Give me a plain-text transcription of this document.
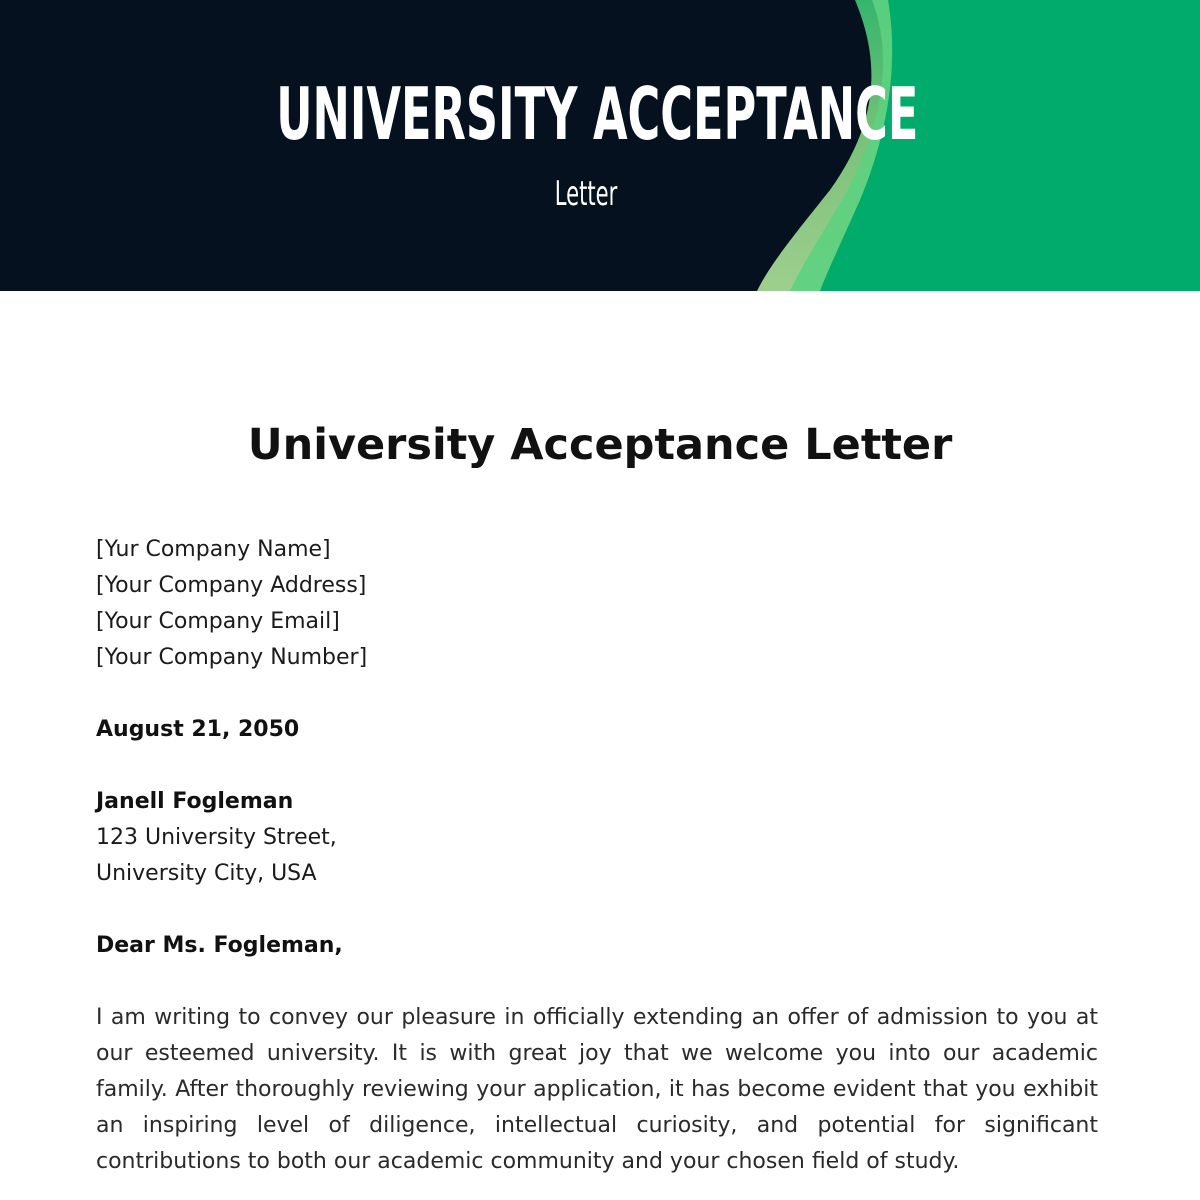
UNIVERSITY ACCEPTANCE
Letter
University Acceptance Letter

[Yur Company Name]

[Your Company Address]

[Your Company Email]

[Your Company Number]

August 21, 2050

Janell Fogleman

123 University Street,

University City, USA

Dear Ms. Fogleman,

I am writing to convey our pleasure in officially extending an offer of admission to you at our esteemed university. It is with great joy that we welcome you into our academic family. After thoroughly reviewing your application, it has become evident that you exhibit an inspiring level of diligence, intellectual curiosity, and potential for significant contributions to both our academic community and your chosen field of study.
